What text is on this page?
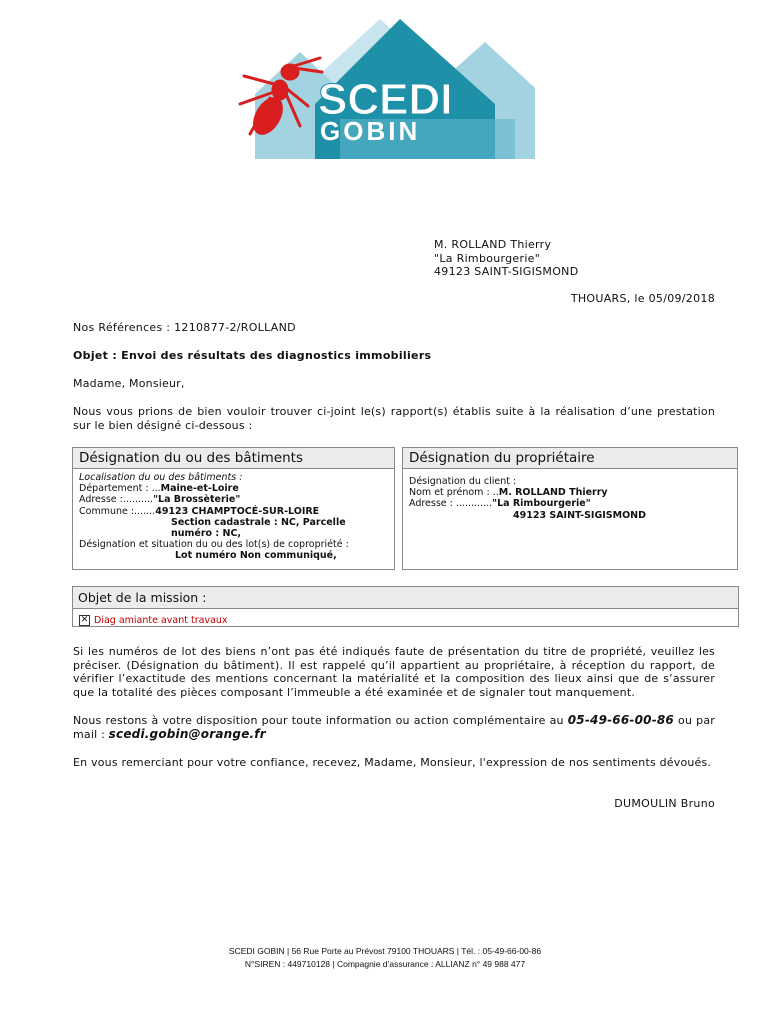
SCEDI
GOBIN
M. ROLLAND Thierry
"La Rimbourgerie"
49123 SAINT-SIGISMOND
THOUARS, le 05/09/2018
Nos Références : 1210877-2/ROLLAND
Objet : Envoi des résultats des diagnostics immobiliers
Madame, Monsieur,
Nous vous prions de bien vouloir trouver ci-joint le(s) rapport(s) établis suite à la réalisation d’une prestation sur le bien désigné ci-dessous :
Désignation du ou des bâtiments
Localisation du ou des bâtiments :
Département : ... Maine-et-Loire
Adresse :.......... "La Brossèterie"
Commune :....... 49123 CHAMPTOCÉ-SUR-LOIRE
Section cadastrale : NC, Parcelle
numéro : NC,
Désignation et situation du ou des lot(s) de copropriété :
Lot numéro Non communiqué,
Désignation du propriétaire
Désignation du client :
Nom et prénom : .. M. ROLLAND Thierry
Adresse : ............ "La Rimbourgerie"
49123 SAINT-SIGISMOND
Objet de la mission :
✕ Diag amiante avant travaux
Si les numéros de lot des biens n’ont pas été indiqués faute de présentation du titre de propriété, veuillez les préciser. (Désignation du bâtiment). Il est rappelé qu’il appartient au propriétaire, à réception du rapport, de vérifier l’exactitude des mentions concernant la matérialité et la composition des lieux ainsi que de s’assurer que la totalité des pièces composant l’immeuble a été examinée et de signaler tout manquement.
Nous restons à votre disposition pour toute information ou action complémentaire au 05-49-66-00-86 ou par mail : scedi.gobin@orange.fr
En vous remerciant pour votre confiance, recevez, Madame, Monsieur, l'expression de nos sentiments dévoués.
DUMOULIN Bruno
SCEDI GOBIN | 56 Rue Porte au Prévost 79100 THOUARS | Tél. : 05-49-66-00-86
N°SIREN : 449710128 | Compagnie d’assurance : ALLIANZ n° 49 988 477
